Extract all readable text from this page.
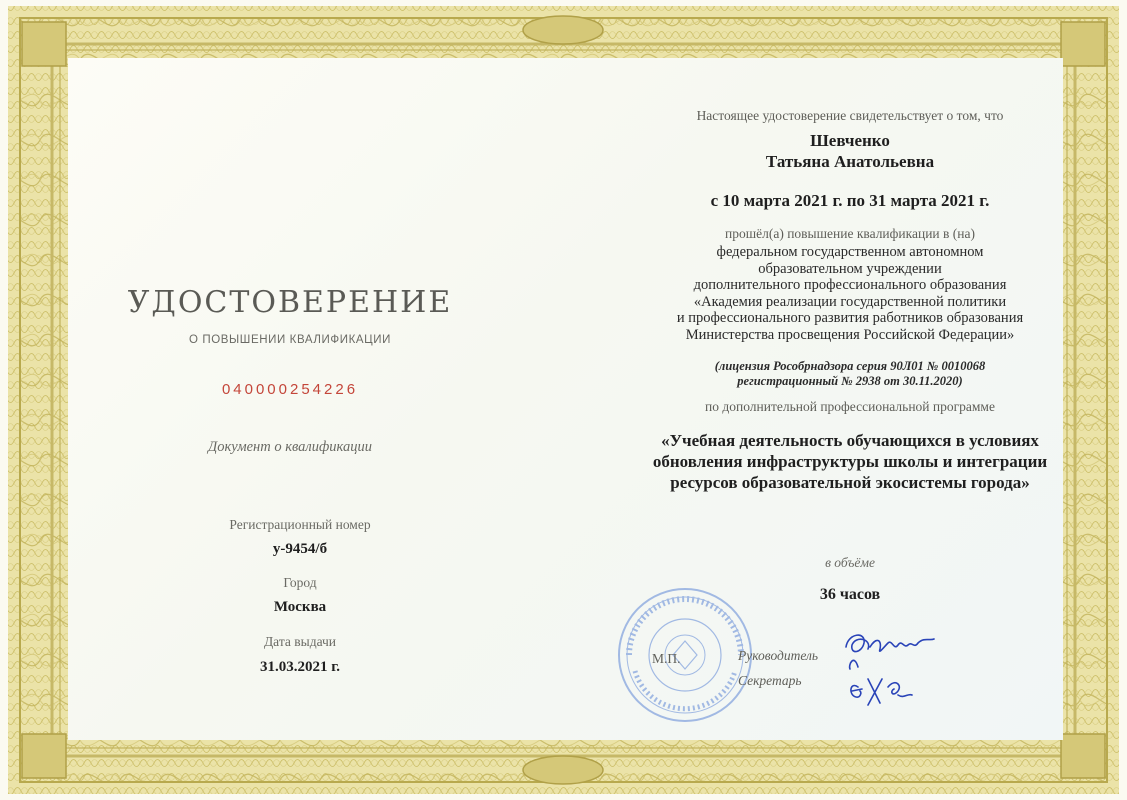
УДОСТОВЕРЕНИЕ
О ПОВЫШЕНИИ КВАЛИФИКАЦИИ
040000254226
Документ о квалификации
Регистрационный номер
у-9454/б
Город
Москва
Дата выдачи
31.03.2021 г.
Настоящее удостоверение свидетельствует о том, что
Шевченко
Татьяна Анатольевна
с 10 марта 2021 г. по 31 марта 2021 г.
прошёл(а) повышение квалификации в (на)
федеральном государственном автономном
образовательном учреждении
дополнительного профессионального образования
«Академия реализации государственной политики
и профессионального развития работников образования
Министерства просвещения Российской Федерации»
(лицензия Рособрнадзора серия 90Л01 № 0010068
регистрационный № 2938 от 30.11.2020)
по дополнительной профессиональной программе
«Учебная деятельность обучающихся в условиях
обновления инфраструктуры школы и интеграции
ресурсов образовательной экосистемы города»
в объёме
36 часов
М.П.	Руководитель
Секретарь
